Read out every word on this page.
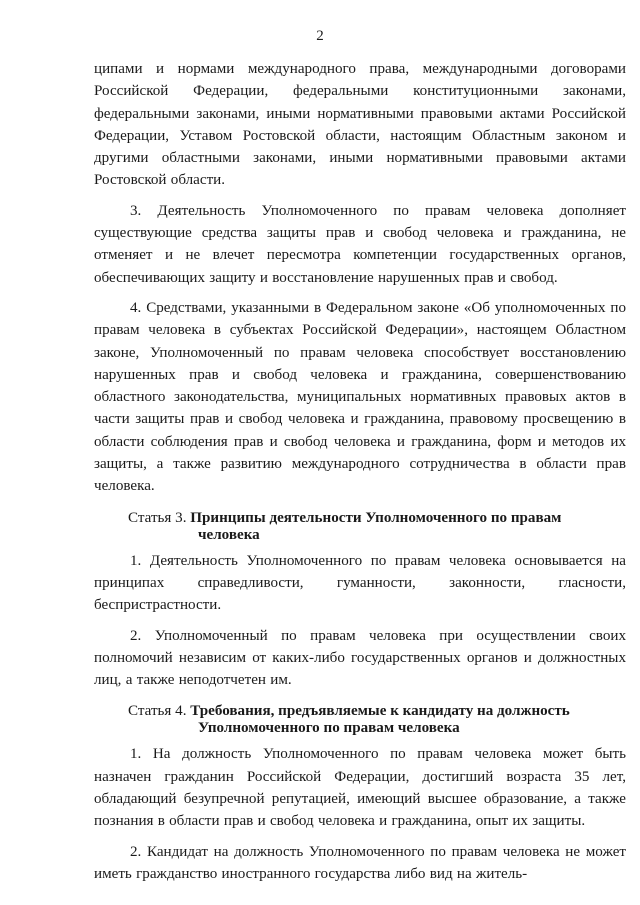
2

ципами и нормами международного права, международными договорами Российской Федерации, федеральными конституционными законами, федеральными законами, иными нормативными правовыми актами Российской Федерации, Уставом Ростовской области, настоящим Областным законом и другими областными законами, иными нормативными правовыми актами Ростовской области.

3. Деятельность Уполномоченного по правам человека дополняет существующие средства защиты прав и свобод человека и гражданина, не отменяет и не влечет пересмотра компетенции государственных органов, обеспечивающих защиту и восстановление нарушенных прав и свобод.

4. Средствами, указанными в Федеральном законе «Об уполномоченных по правам человека в субъектах Российской Федерации», настоящем Областном законе, Уполномоченный по правам человека способствует восстановлению нарушенных прав и свобод человека и гражданина, совершенствованию областного законодательства, муниципальных нормативных правовых актов в части защиты прав и свобод человека и гражданина, правовому просвещению в области соблюдения прав и свобод человека и гражданина, форм и методов их защиты, а также развитию международного сотрудничества в области прав человека.

Статья 3. Принципы деятельности Уполномоченного по правам
человека

1. Деятельность Уполномоченного по правам человека основывается на принципах справедливости, гуманности, законности, гласности, беспристрастности.

2. Уполномоченный по правам человека при осуществлении своих полномочий независим от каких-либо государственных органов и должностных лиц, а также неподотчетен им.

Статья 4. Требования, предъявляемые к кандидату на должность
Уполномоченного по правам человека

1. На должность Уполномоченного по правам человека может быть назначен гражданин Российской Федерации, достигший возраста 35 лет, обладающий безупречной репутацией, имеющий высшее образование, а также познания в области прав и свобод человека и гражданина, опыт их защиты.

2. Кандидат на должность Уполномоченного по правам человека не может иметь гражданство иностранного государства либо вид на житель-
